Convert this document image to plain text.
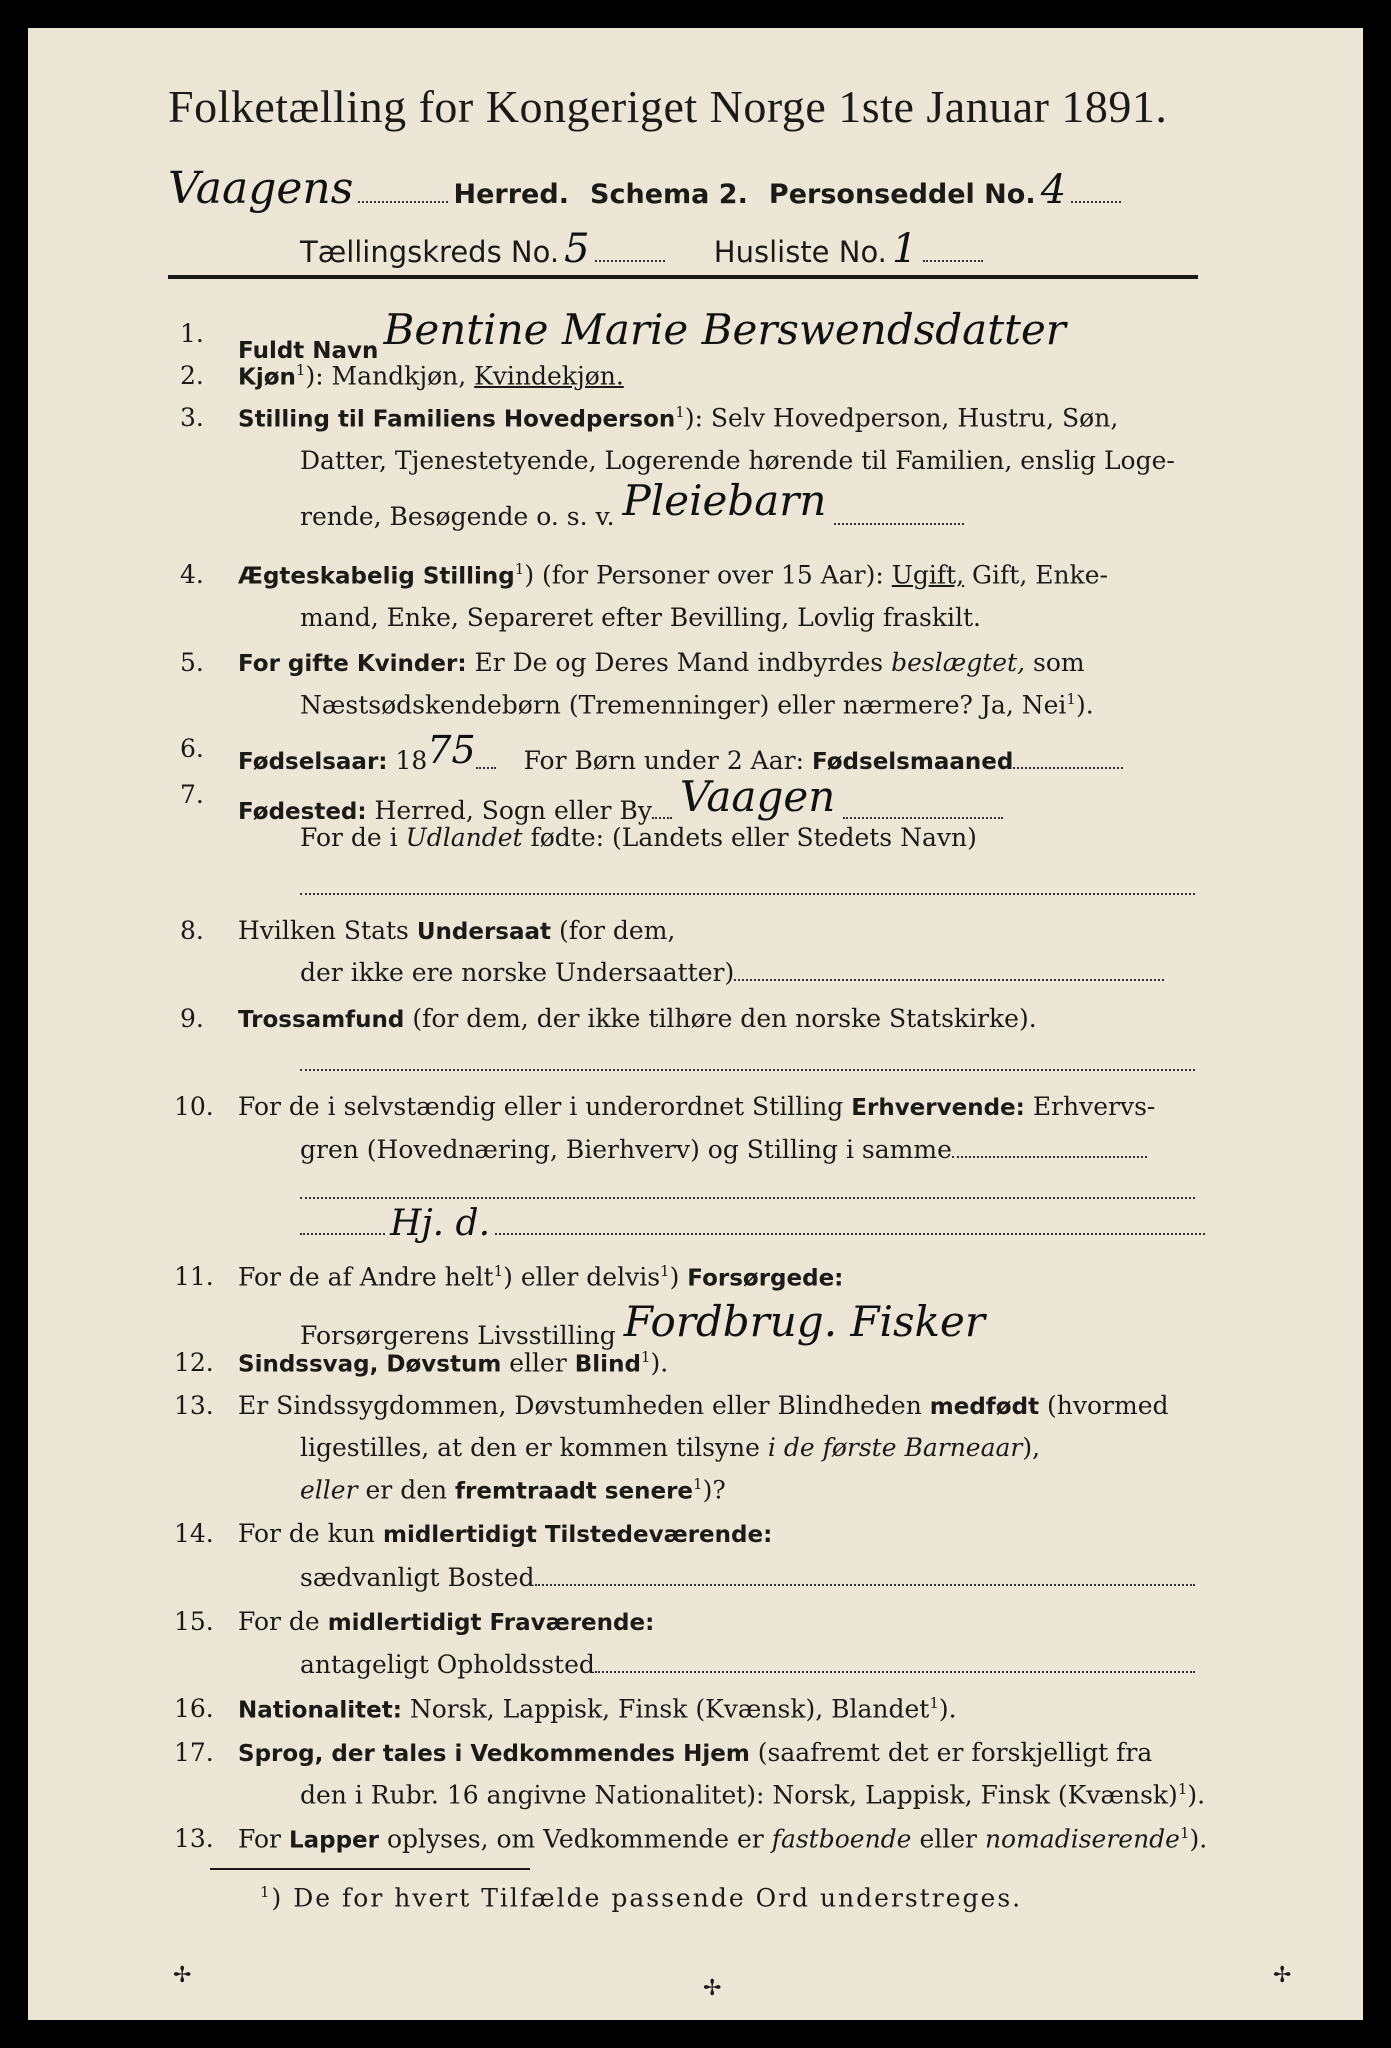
Folketælling for Kongeriget Norge 1ste Januar 1891.
Vaagens	Herred. Schema 2. Personseddel No. 4
Tællingskreds No. 5	Husliste No. 1
1.
Fuldt Navn Bentine Marie Berswendsdatter
2. Kjøn$^1$): Mandkjøn, Kvindekjøn.
3. Stilling til Familiens Hovedperson$^1$): Selv Hovedperson, Hustru, Søn,
Datter, Tjenestetyende, Logerende hørende til Familien, enslig Loge-
rende, Besøgende o. s. v. Pleiebarn
4. Ægteskabelig Stilling$^1$) (for Personer over 15 Aar): Ugift, Gift, Enke-
mand, Enke, Separeret efter Bevilling, Lovlig fraskilt.
5. For gifte Kvinder: Er De og Deres Mand indbyrdes beslægtet, som
Næstsødskendebørn (Tremenninger) eller nærmere? Ja, Nei$^1$).
6. Fødselsaar: 1875 For Børn under 2 Aar: Fødselsmaaned
7.
Fødested: Herred, Sogn eller By Vaagen
For de i Udlandet fødte: (Landets eller Stedets Navn)
8. Hvilken Stats Undersaat (for dem,
der ikke ere norske Undersaatter)
9. Trossamfund (for dem, der ikke tilhøre den norske Statskirke).
10. For de i selvstændig eller i underordnet Stilling Erhvervende: Erhvervs-
gren (Hovednæring, Bierhverv) og Stilling i samme
Hj. d.
11. For de af Andre helt$^1$) eller delvis$^1$) Forsørgede:
Forsørgerens Livsstilling Fordbrug. Fisker
12. Sindssvag, Døvstum eller Blind$^1$).
13. Er Sindssygdommen, Døvstumheden eller Blindheden medfødt (hvormed
ligestilles, at den er kommen tilsyne i de første Barneaar),
eller er den fremtraadt senere$^1$)?
14. For de kun midlertidigt Tilstedeværende:
sædvanligt Bosted
15. For de midlertidigt Fraværende:
antageligt Opholdssted
16. Nationalitet: Norsk, Lappisk, Finsk (Kvænsk), Blandet$^1$).
17. Sprog, der tales i Vedkommendes Hjem (saafremt det er forskjelligt fra
den i Rubr. 16 angivne Nationalitet): Norsk, Lappisk, Finsk (Kvænsk)$^1$).
13. For Lapper oplyses, om Vedkommende er fastboende eller nomadiserende$^1$).
$^1$) De for hvert Tilfælde passende Ord understreges.
✢
✢
✢
